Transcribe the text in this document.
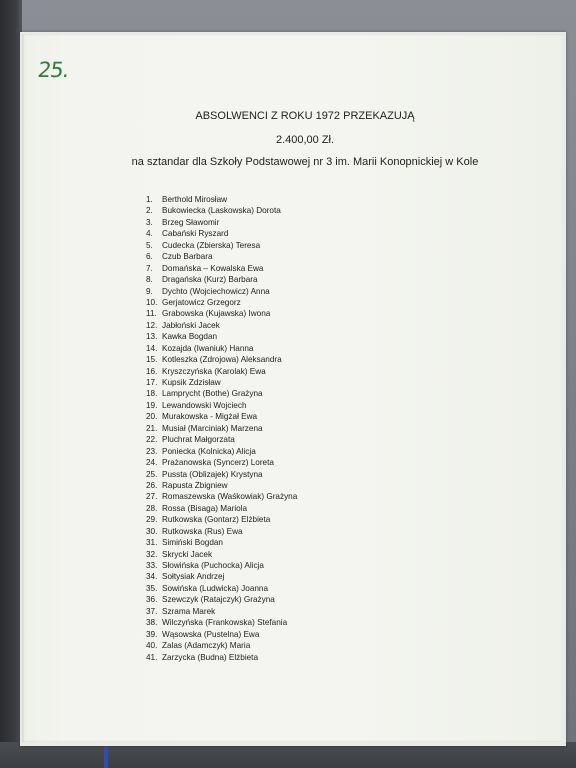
25.
ABSOLWENCI Z ROKU 1972 PRZEKAZUJĄ
2.400,00 Zł.
na sztandar dla Szkoły Podstawowej nr 3 im. Marii Konopnickiej w Kole
1. Berthold Mirosław
2. Bukowiecka (Laskowska) Dorota
3. Brzeg Sławomir
4. Cabański Ryszard
5. Cudecka (Zbierska) Teresa
6. Czub Barbara
7. Domańska – Kowalska Ewa
8. Dragańska (Kurz) Barbara
9. Dychto (Wojciechowicz) Anna
10. Gerjatowicz Grzegorz
11. Grabowska (Kujawska) Iwona
12. Jabłoński Jacek
13. Kawka Bogdan
14. Kozajda (Iwaniuk) Hanna
15. Kotleszka (Zdrojowa) Aleksandra
16. Kryszczyńska (Karolak) Ewa
17. Kupsik Zdzisław
18. Lamprycht (Bothe) Grażyna
19. Lewandowski Wojciech
20. Murakowska - Migżał Ewa
21. Musiał (Marciniak) Marzena
22. Pluchrat Małgorzata
23. Poniecka (Kolnicka) Alicja
24. Prażanowska (Syncerz) Loreta
25. Pussta (Oblizajek) Krystyna
26. Rapusta Zbigniew
27. Romaszewska (Waśkowiak) Grażyna
28. Rossa (Bisaga) Mariola
29. Rutkowska (Gontarz) Elżbieta
30. Rutkowska (Rus) Ewa
31. Simiński Bogdan
32. Skrycki Jacek
33. Słowińska (Puchocka) Alicja
34. Sołtysiak Andrzej
35. Sowińska (Ludwicka) Joanna
36. Szewczyk (Ratajczyk) Grażyna
37. Szrama Marek
38. Wilczyńska (Frankowska) Stefania
39. Wąsowska (Pustelna) Ewa
40. Zalas (Adamczyk) Maria
41. Zarzycka (Budna) Elżbieta
